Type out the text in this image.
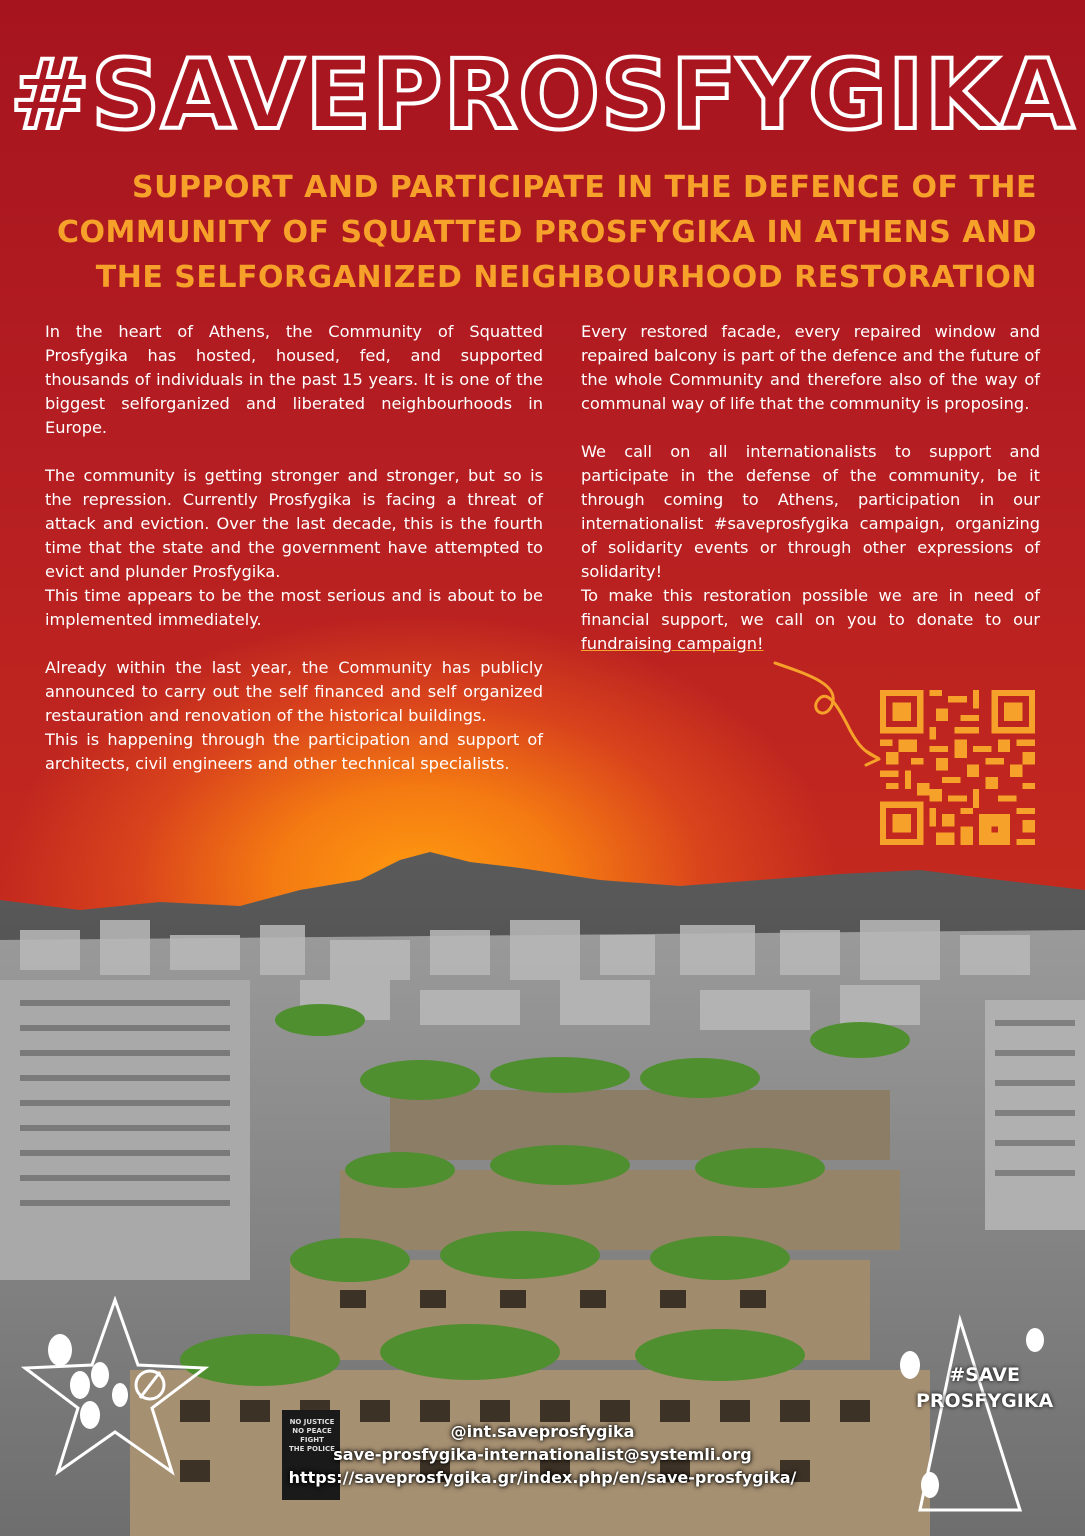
#SAVEPROSFYGIKA
SUPPORT AND PARTICIPATE IN THE DEFENCE OF THE
COMMUNITY OF SQUATTED PROSFYGIKA IN ATHENS AND
THE SELFORGANIZED NEIGHBOURHOOD RESTORATION

In the heart of Athens, the Community of Squatted Prosfygika has hosted, housed, fed, and supported thousands of individuals in the past 15 years. It is one of the biggest selforganized and liberated neighbourhoods in Europe.

The community is getting stronger and stronger, but so is the repression. Currently Prosfygika is facing a threat of attack and eviction. Over the last decade, this is the fourth time that the state and the government have attempted to evict and plunder Prosfygika.

This time appears to be the most serious and is about to be implemented immediately.

Already within the last year, the Community has publicly announced to carry out the self financed and self organized restauration and renovation of the historical buildings.

This is happening through the participation and support of architects, civil engineers and other technical specialists.

Every restored facade, every repaired window and repaired balcony is part of the defence and the future of the whole Community and therefore also of the way of communal way of life that the community is proposing.

We call on all internationalists to support and participate in the defense of the community, be it through coming to Athens, participation in our internationalist #saveprosfygika campaign, organizing of solidarity events or through other expressions of solidarity!

To make this restoration possible we are in need of financial support, we call on you to donate to our fundraising campaign!

NO JUSTICE
NO PEACE
FIGHT
THE POLICE
#SAVE
PROSFYGIKA
@int.saveprosfygika
save-prosfygika-internationalist@systemli.org
https://saveprosfygika.gr/index.php/en/save-prosfygika/
